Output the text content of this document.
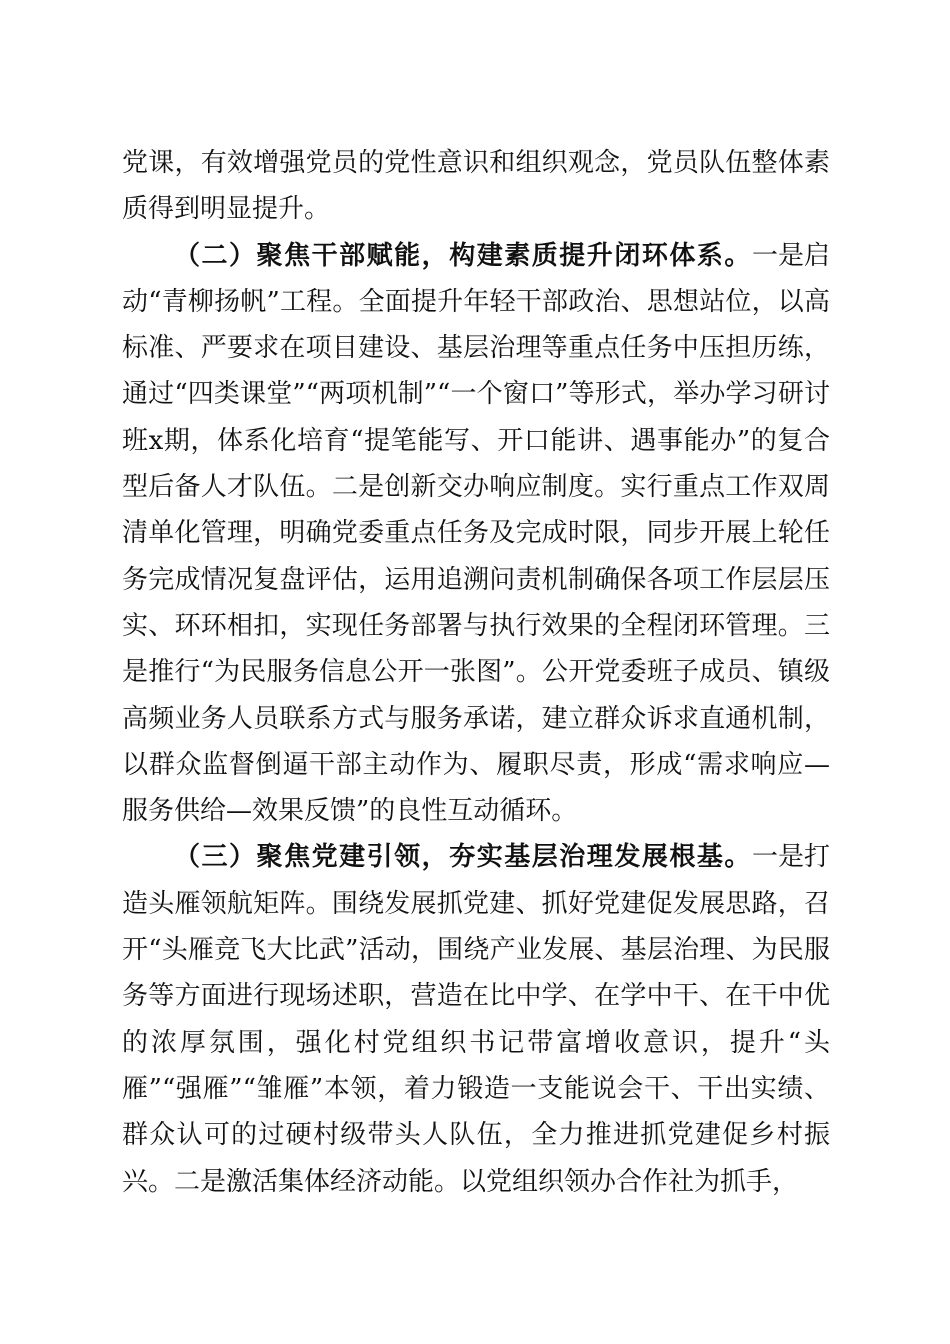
党课，有效增强党员的党性意识和组织观念，党员队伍整体素质得到明显提升。

（二）聚焦干部赋能，构建素质提升闭环体系。一是启动“青柳扬帆”工程。全面提升年轻干部政治、思想站位，以高标准、严要求在项目建设、基层治理等重点任务中压担历练，通过“四类课堂”“两项机制”“一个窗口”等形式，举办学习研讨班x期，体系化培育“提笔能写、开口能讲、遇事能办”的复合型后备人才队伍。二是创新交办响应制度。实行重点工作双周清单化管理，明确党委重点任务及完成时限，同步开展上轮任务完成情况复盘评估，运用追溯问责机制确保各项工作层层压实、环环相扣，实现任务部署与执行效果的全程闭环管理。三是推行“为民服务信息公开一张图”。公开党委班子成员、镇级高频业务人员联系方式与服务承诺，建立群众诉求直通机制，以群众监督倒逼干部主动作为、履职尽责，形成“需求响应—服务供给—效果反馈”的良性互动循环。

（三）聚焦党建引领，夯实基层治理发展根基。一是打造头雁领航矩阵。围绕发展抓党建、抓好党建促发展思路，召开“头雁竞飞大比武”活动，围绕产业发展、基层治理、为民服务等方面进行现场述职，营造在比中学、在学中干、在干中优的浓厚氛围，强化村党组织书记带富增收意识，提升“头雁”“强雁”“雏雁”本领，着力锻造一支能说会干、干出实绩、群众认可的过硬村级带头人队伍，全力推进抓党建促乡村振兴。二是激活集体经济动能。以党组织领办合作社为抓手，
